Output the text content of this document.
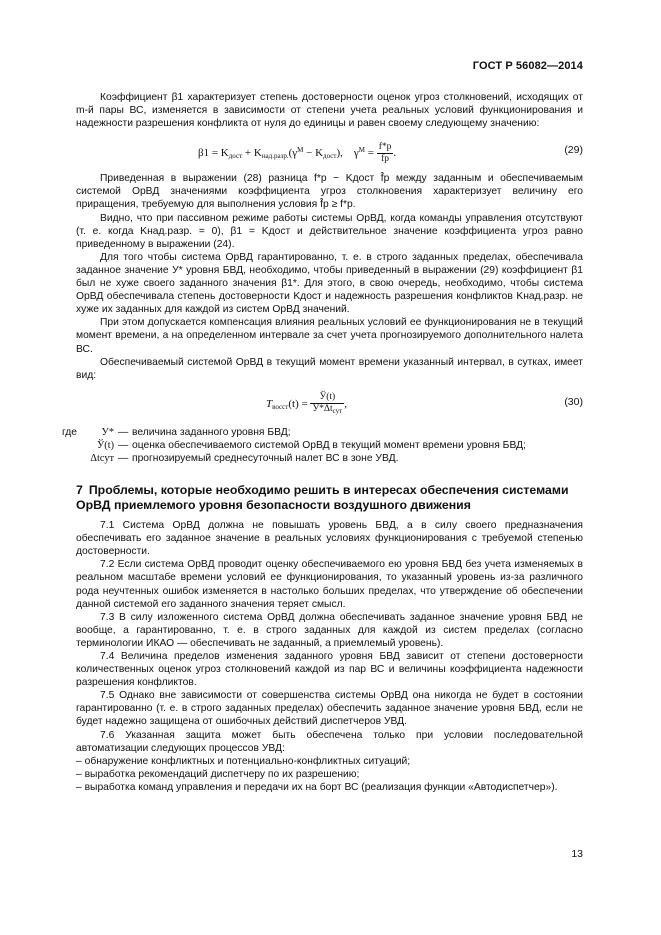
ГОСТ Р 56082—2014

Коэффициент β1 характеризует степень достоверности оценок угроз столкновений, исходящих от m-й пары ВС, изменяется в зависимости от степени учета реальных условий функционирования и надежности разрешения конфликта от нуля до единицы и равен своему следующему значению:

$\beta 1 = K_{дост} + K_{над.разр.}(\gamma^M - K_{дост})$, $\gamma^M = \frac{f*p}{fp}$ .	(29)

Приведенная в выражении (28) разница f*p − Kдост f̂p между заданным и обеспечиваемым системой ОрВД значениями коэффициента угроз столкновения характеризует величину его приращения, требуемую для выполнения условия f̂p ≥ f*p.

Видно, что при пассивном режиме работы системы ОрВД, когда команды управления отсутствуют (т. е. когда Kнад.разр. = 0), β1 = Kдост и действительное значение коэффициента угроз равно приведенному в выражении (24).

Для того чтобы система ОрВД гарантированно, т. е. в строго заданных пределах, обеспечивала заданное значение У* уровня БВД, необходимо, чтобы приведенный в выражении (29) коэффициент β1 был не хуже своего заданного значения β1*. Для этого, в свою очередь, необходимо, чтобы система ОрВД обеспечивала степень достоверности Kдост и надежность разрешения конфликтов Kнад.разр. не хуже их заданных для каждой из систем ОрВД значений.

При этом допускается компенсация влияния реальных условий ее функционирования не в текущий момент времени, а на определенном интервале за счет учета прогнозируемого дополнительного налета ВС.

Обеспечиваемый системой ОрВД в текущий момент времени указанный интервал, в сутках, имеет вид:

$T_{восст}(t) = \frac{Ў(t)}{У*\Delta t_{сут}}$ ,	(30)
где	У* — величина заданного уровня БВД;
Ў(t) — оценка обеспечиваемого системой ОрВД в текущий момент времени уровня БВД;
Δtсут — прогнозируемый среднесуточный налет ВС в зоне УВД.
7 Проблемы, которые необходимо решить в интересах обеспечения системами ОрВД приемлемого уровня безопасности воздушного движения

7.1 Система ОрВД должна не повышать уровень БВД, а в силу своего предназначения обеспечивать его заданное значение в реальных условиях функционирования с требуемой степенью достоверности.

7.2 Если система ОрВД проводит оценку обеспечиваемого ею уровня БВД без учета изменяемых в реальном масштабе времени условий ее функционирования, то указанный уровень из-за различного рода неучтенных ошибок изменяется в настолько больших пределах, что утверждение об обеспечении данной системой его заданного значения теряет смысл.

7.3 В силу изложенного система ОрВД должна обеспечивать заданное значение уровня БВД не вообще, а гарантированно, т. е. в строго заданных для каждой из систем пределах (согласно терминологии ИКАО — обеспечивать не заданный, а приемлемый уровень).

7.4 Величина пределов изменения заданного уровня БВД зависит от степени достоверности количественных оценок угроз столкновений каждой из пар ВС и величины коэффициента надежности разрешения конфликтов.

7.5 Однако вне зависимости от совершенства системы ОрВД она никогда не будет в состоянии гарантированно (т. е. в строго заданных пределах) обеспечить заданное значение уровня БВД, если не будет надежно защищена от ошибочных действий диспетчеров УВД.

7.6 Указанная защита может быть обеспечена только при условии последовательной автоматизации следующих процессов УВД:

– обнаружение конфликтных и потенциально-конфликтных ситуаций;

– выработка рекомендаций диспетчеру по их разрешению;

– выработка команд управления и передачи их на борт ВС (реализация функции «Автодиспетчер»).

13
